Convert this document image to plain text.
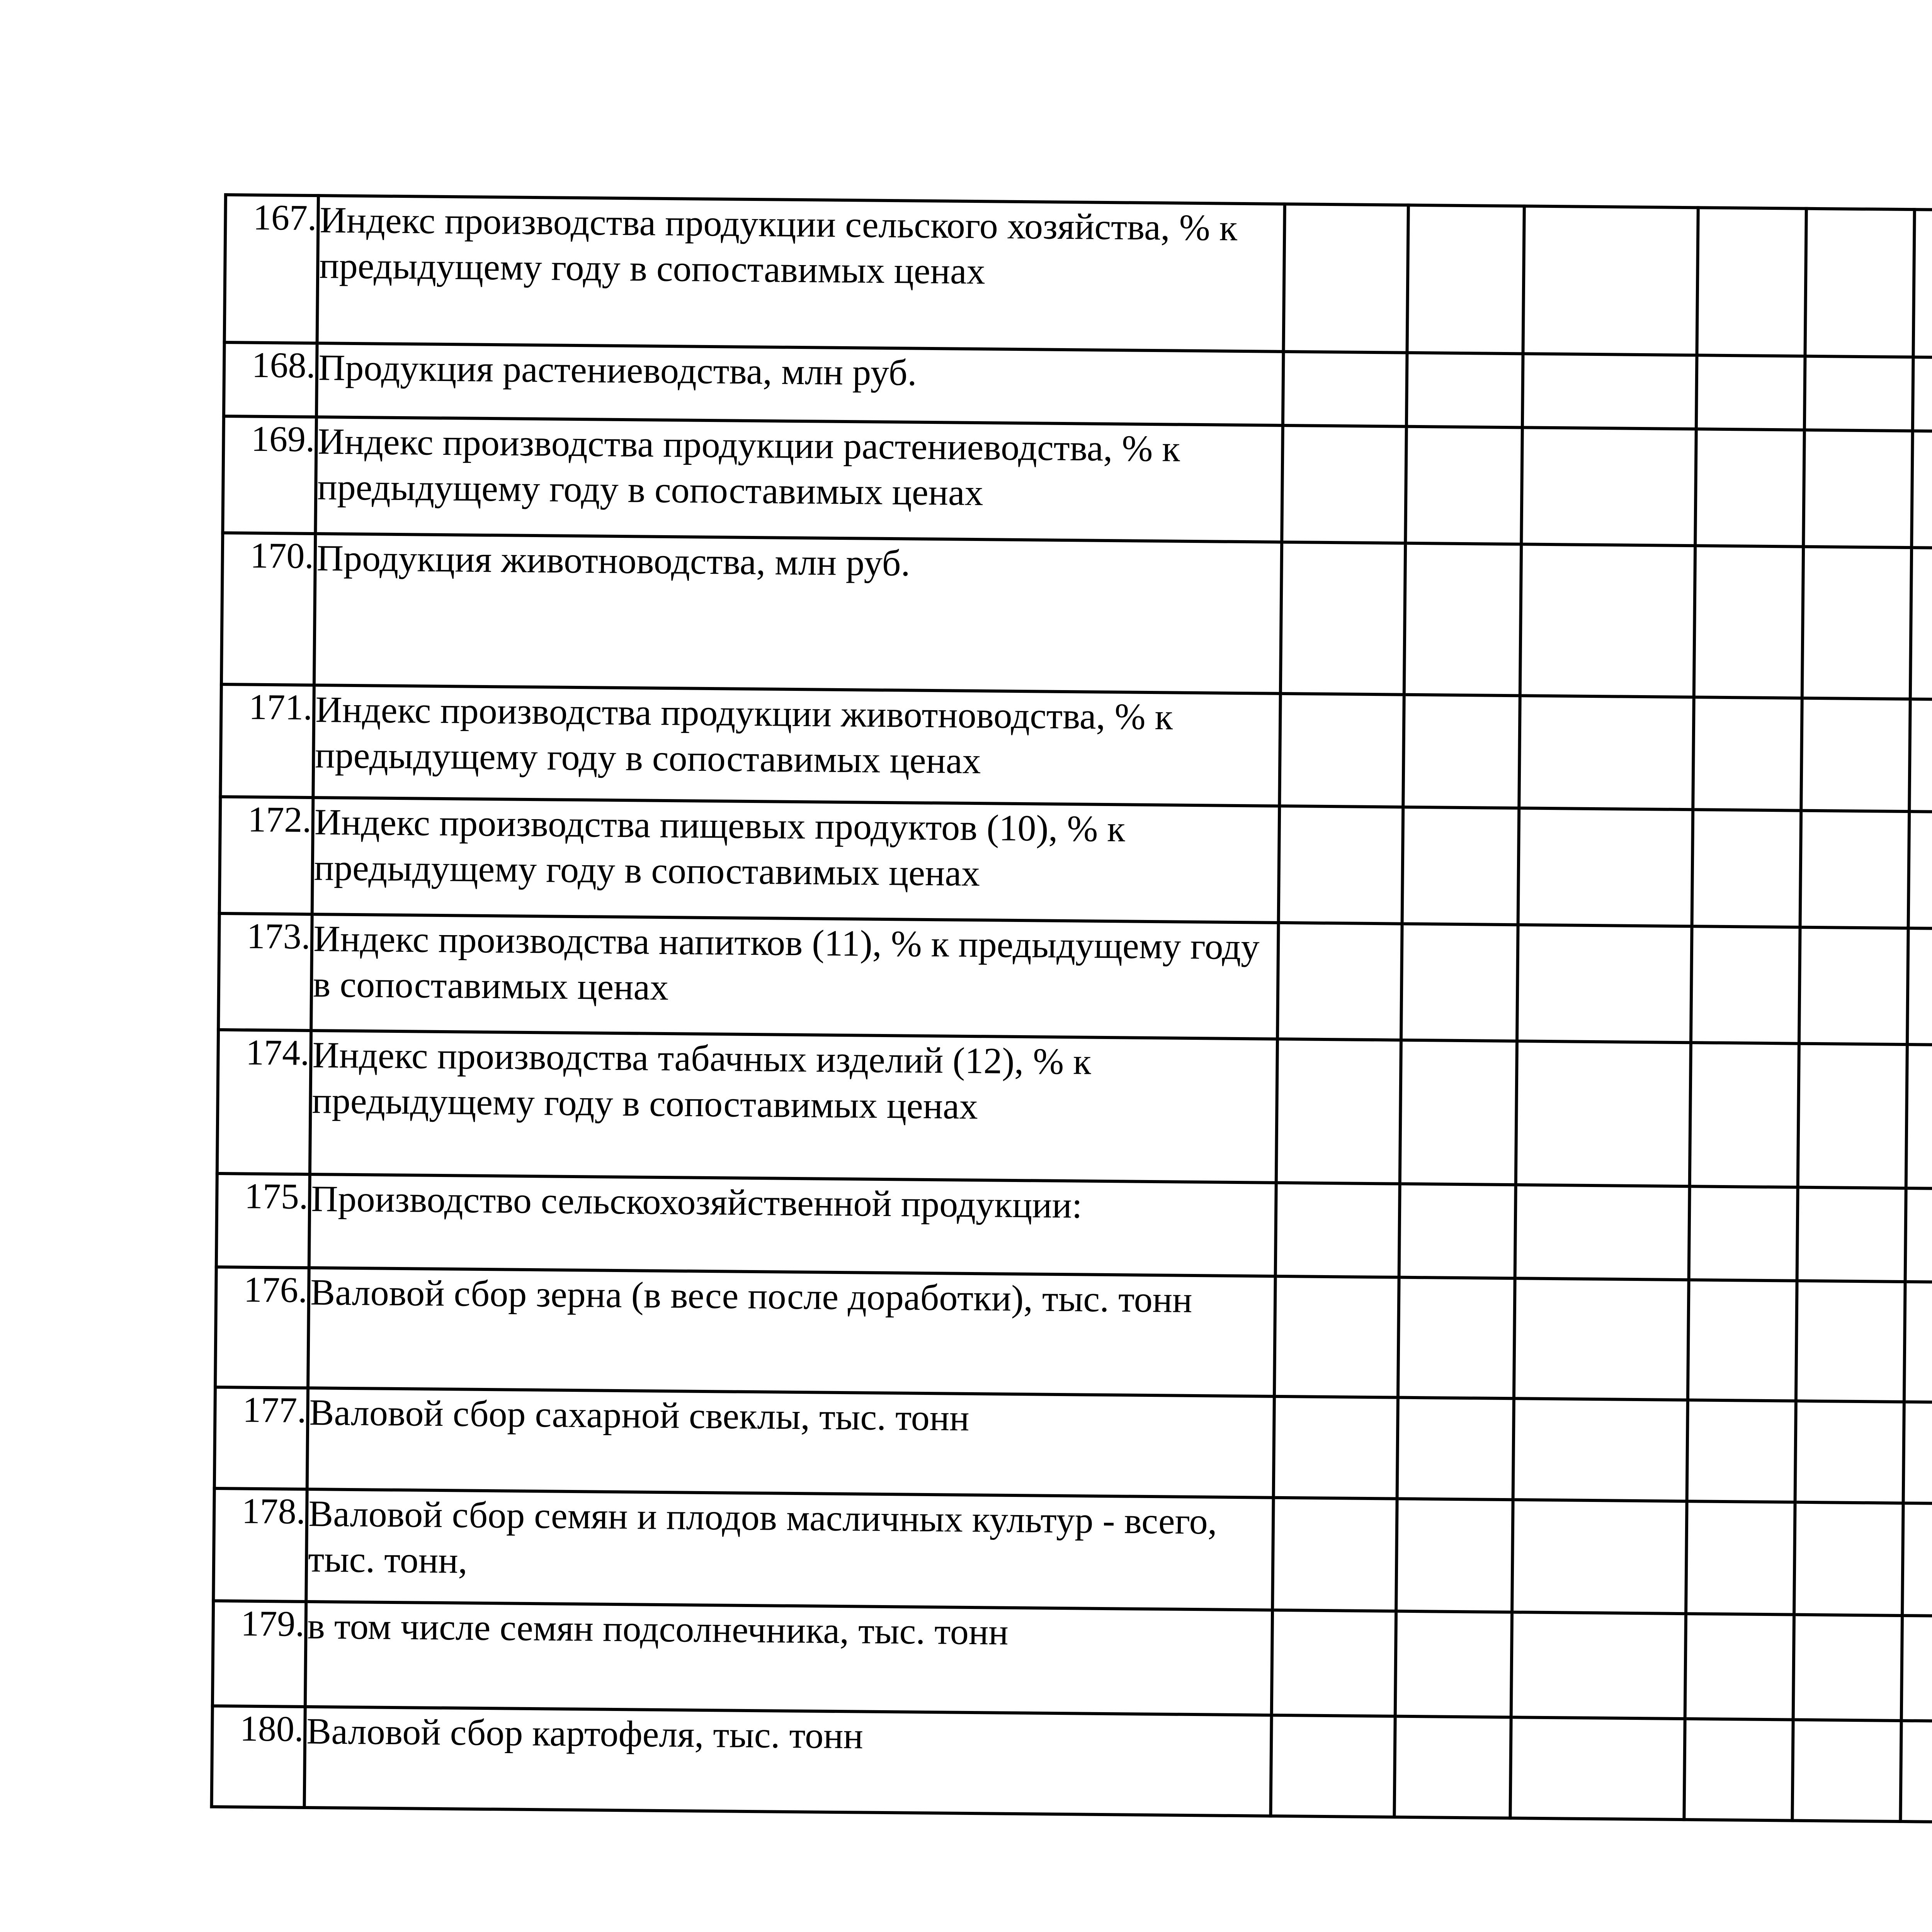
167.	Индекс производства продукции сельского хозяйства, % к предыдущему году в сопоставимых ценах											
168.	Продукция растениеводства, млн руб.											
169.	Индекс производства продукции растениеводства, % к предыдущему году в сопоставимых ценах											
170.	Продукция животноводства, млн руб.											
171.	Индекс производства продукции животноводства, % к предыдущему году в сопоставимых ценах											
172.	Индекс производства пищевых продуктов (10), % к предыдущему году в сопоставимых ценах											
173.	Индекс производства напитков (11), % к предыдущему году в сопоставимых ценах											
174.	Индекс производства табачных изделий (12), % к предыдущему году в сопоставимых ценах											
175.	Производство сельскохозяйственной продукции:											
176.	Валовой сбор зерна (в весе после доработки), тыс. тонн											
177.	Валовой сбор сахарной свеклы, тыс. тонн											
178.	Валовой сбор семян и плодов масличных культур - всего, тыс. тонн,											
179.	в том числе семян подсолнечника, тыс. тонн											
180.	Валовой сбор картофеля, тыс. тонн											
